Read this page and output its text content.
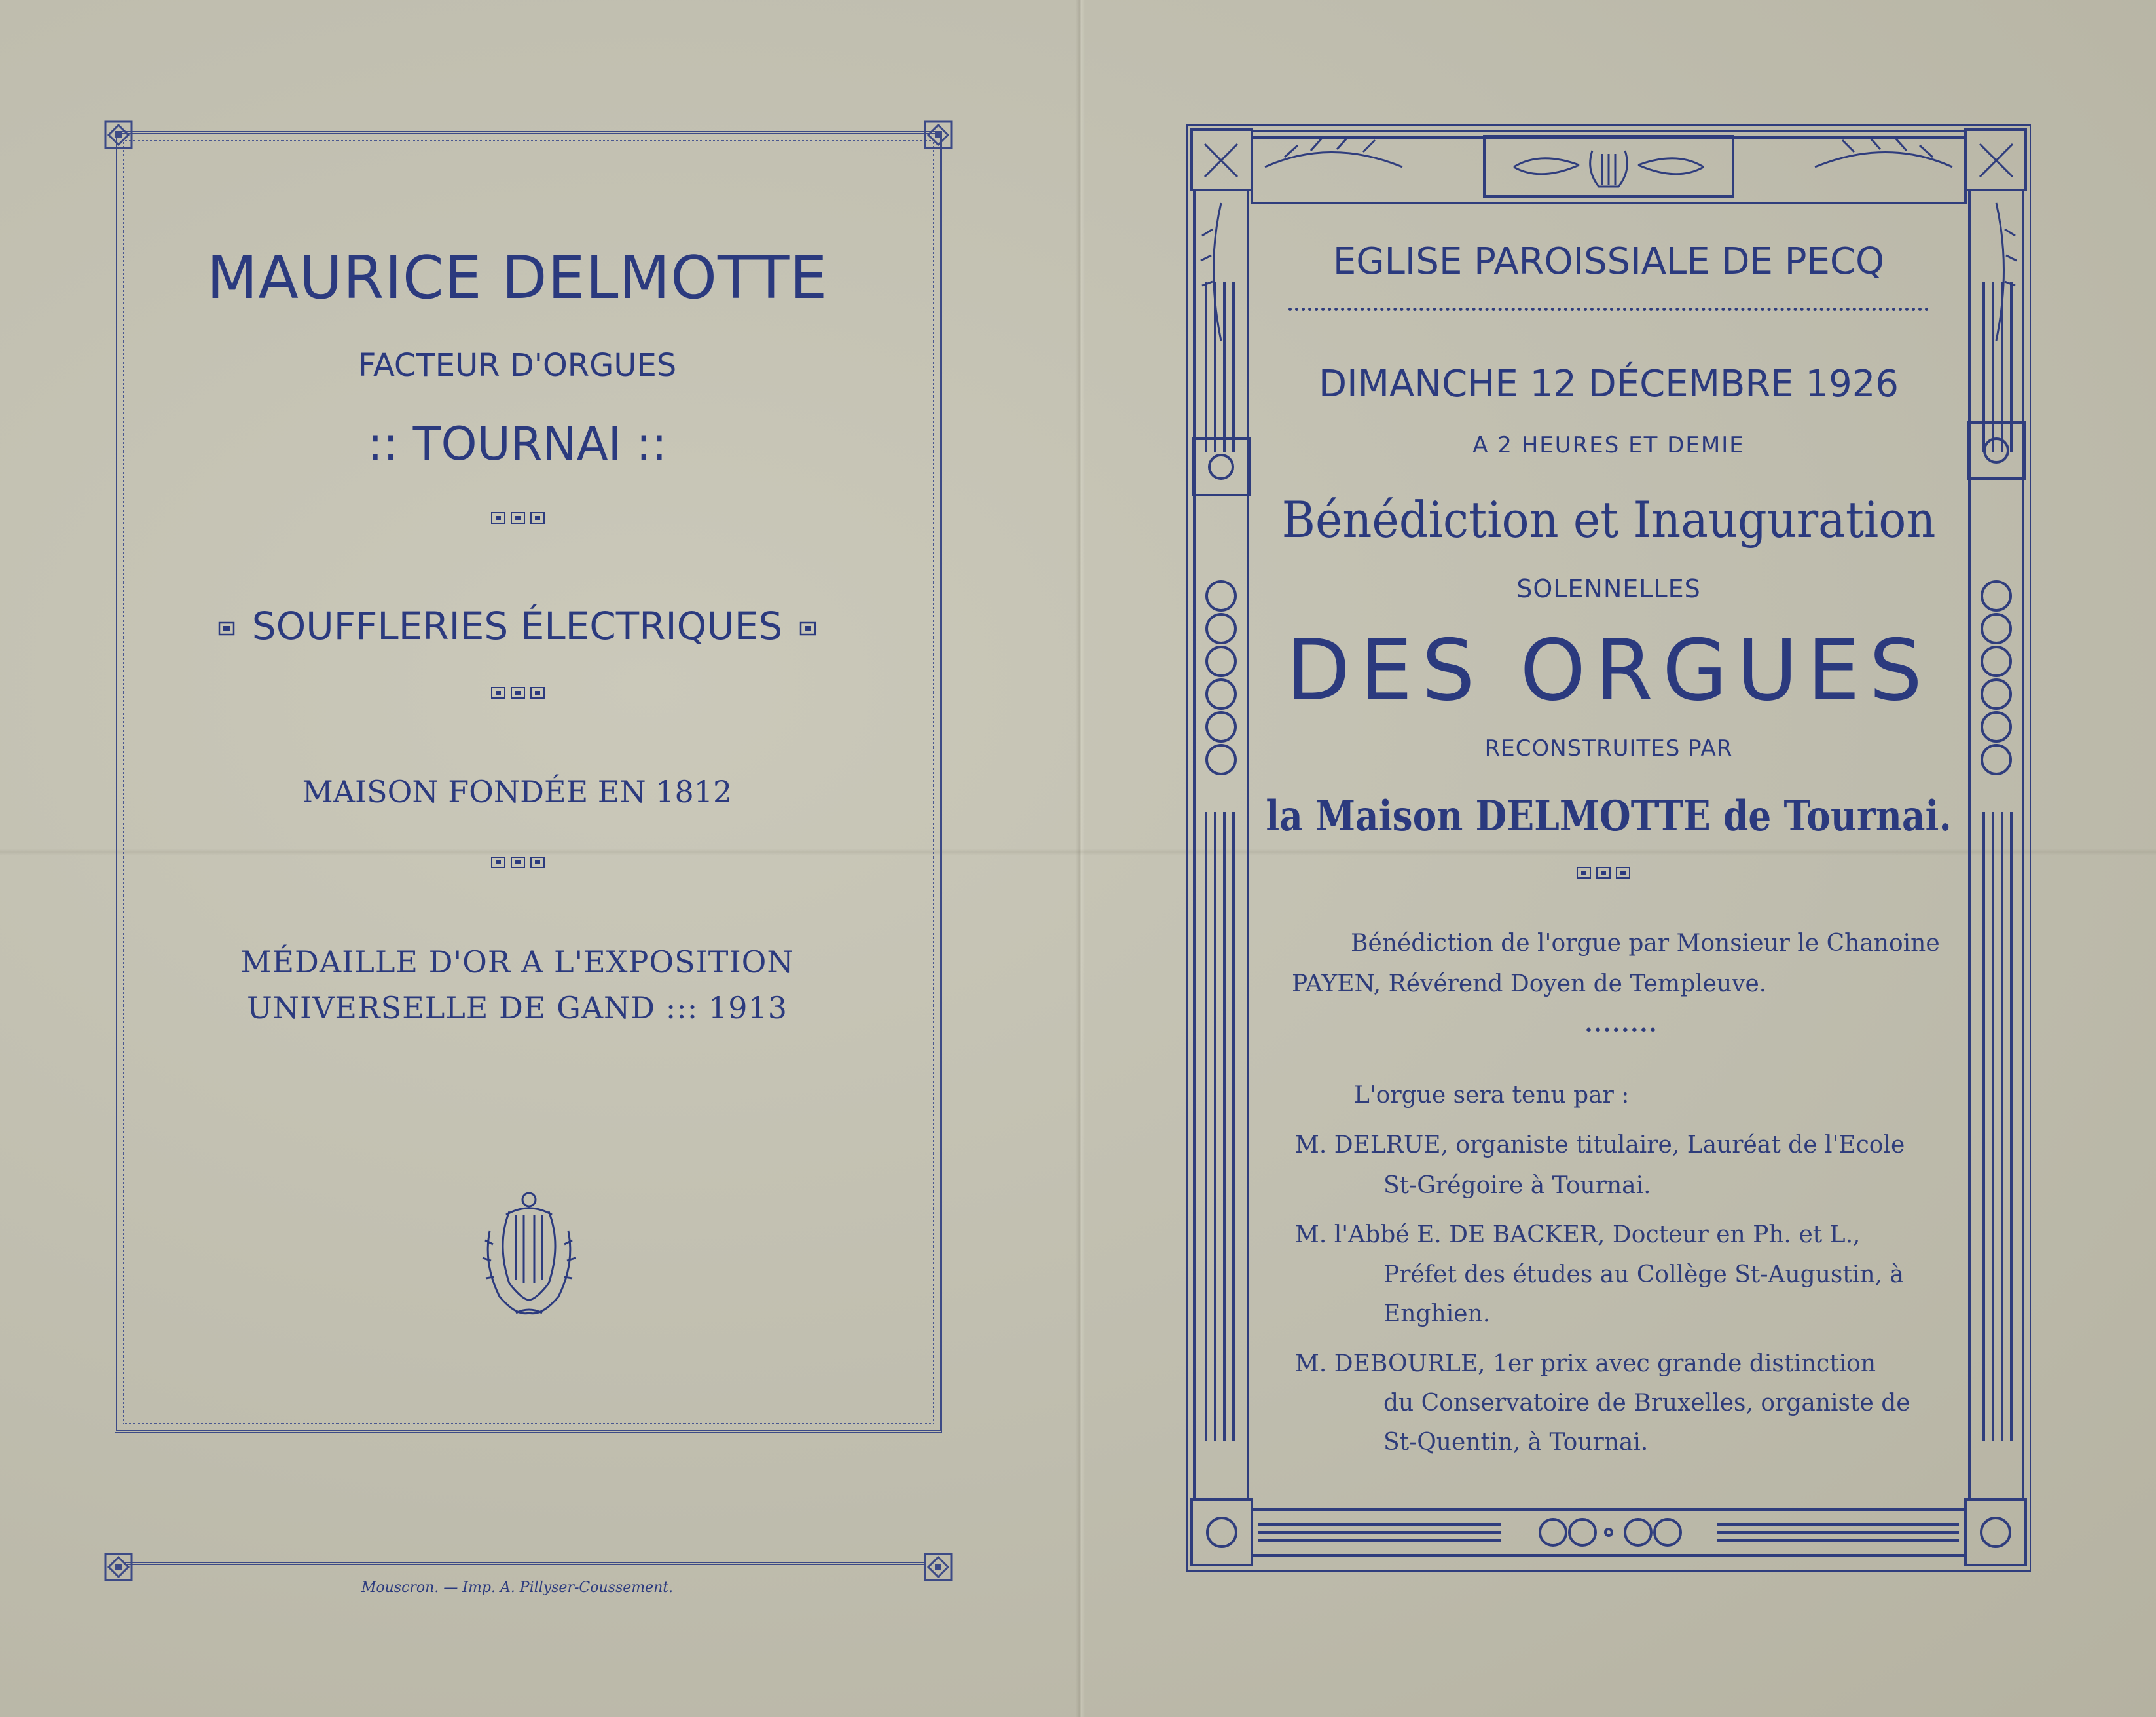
MAURICE DELMOTTE
FACTEUR D'ORGUES
:: TOURNAI ::
SOUFFLERIES ÉLECTRIQUES
MAISON FONDÉE EN 1812
MÉDAILLE D'OR A L'EXPOSITION
UNIVERSELLE DE GAND ::: 1913
Mouscron. — Imp. A. Pillyser-Coussement.
EGLISE PAROISSIALE DE PECQ
DIMANCHE 12 DÉCEMBRE 1926
A 2 HEURES ET DEMIE
Bénédiction et Inauguration
SOLENNELLES
DES ORGUES
RECONSTRUITES PAR
la Maison DELMOTTE de Tournai.
Bénédiction de l'orgue par Monsieur le Chanoine
PAYEN, Révérend Doyen de Templeuve.
••••••••
L'orgue sera tenu par :
M. DELRUE, organiste titulaire, Lauréat de l'Ecole
St-Grégoire à Tournai.
M. l'Abbé E. DE BACKER, Docteur en Ph. et L.,
Préfet des études au Collège St-Augustin, à
Enghien.
M. DEBOURLE, 1er prix avec grande distinction
du Conservatoire de Bruxelles, organiste de
St-Quentin, à Tournai.
